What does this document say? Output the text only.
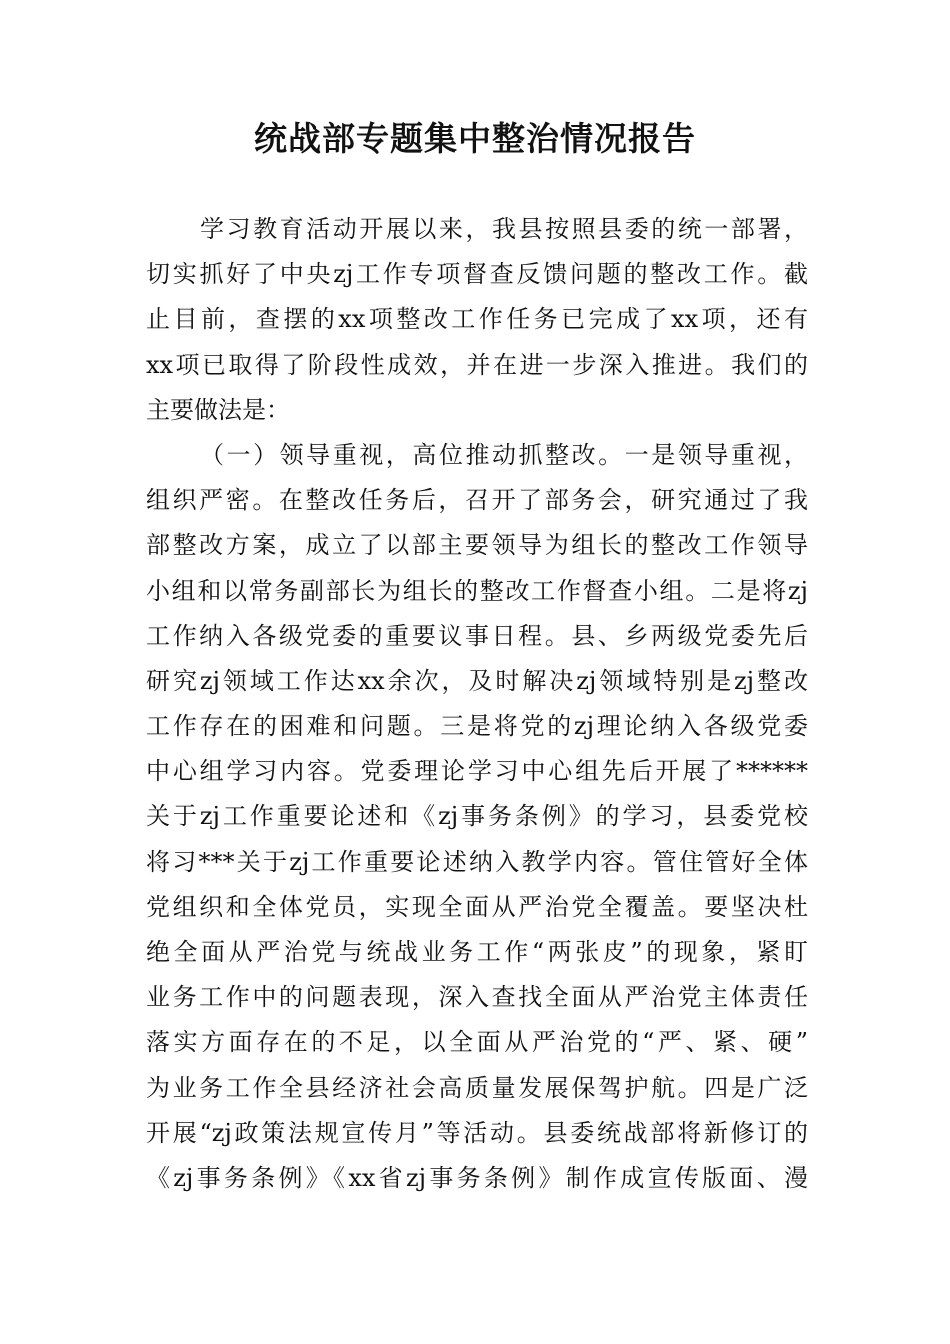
统战部专题集中整治情况报告
学习教育活动开展以来，我县按照县委的统一部署，
切实抓好了中央zj工作专项督查反馈问题的整改工作。截
止目前，查摆的xx项整改工作任务已完成了xx项，还有
xx项已取得了阶段性成效，并在进一步深入推进。我们的
主要做法是：
（一）领导重视，高位推动抓整改。一是领导重视，
组织严密。在整改任务后，召开了部务会，研究通过了我
部整改方案，成立了以部主要领导为组长的整改工作领导
小组和以常务副部长为组长的整改工作督查小组。二是将zj
工作纳入各级党委的重要议事日程。县、乡两级党委先后
研究zj领域工作达xx余次，及时解决zj领域特别是zj整改
工作存在的困难和问题。三是将党的zj理论纳入各级党委
中心组学习内容。党委理论学习中心组先后开展了******
关于zj工作重要论述和《zj事务条例》的学习，县委党校
将习***关于zj工作重要论述纳入教学内容。管住管好全体
党组织和全体党员，实现全面从严治党全覆盖。要坚决杜
绝全面从严治党与统战业务工作“两张皮”的现象，紧盯
业务工作中的问题表现，深入查找全面从严治党主体责任
落实方面存在的不足，以全面从严治党的“严、紧、硬”
为业务工作全县经济社会高质量发展保驾护航。四是广泛
开展“zj政策法规宣传月”等活动。县委统战部将新修订的
《zj事务条例》《xx省zj事务条例》制作成宣传版面、漫
